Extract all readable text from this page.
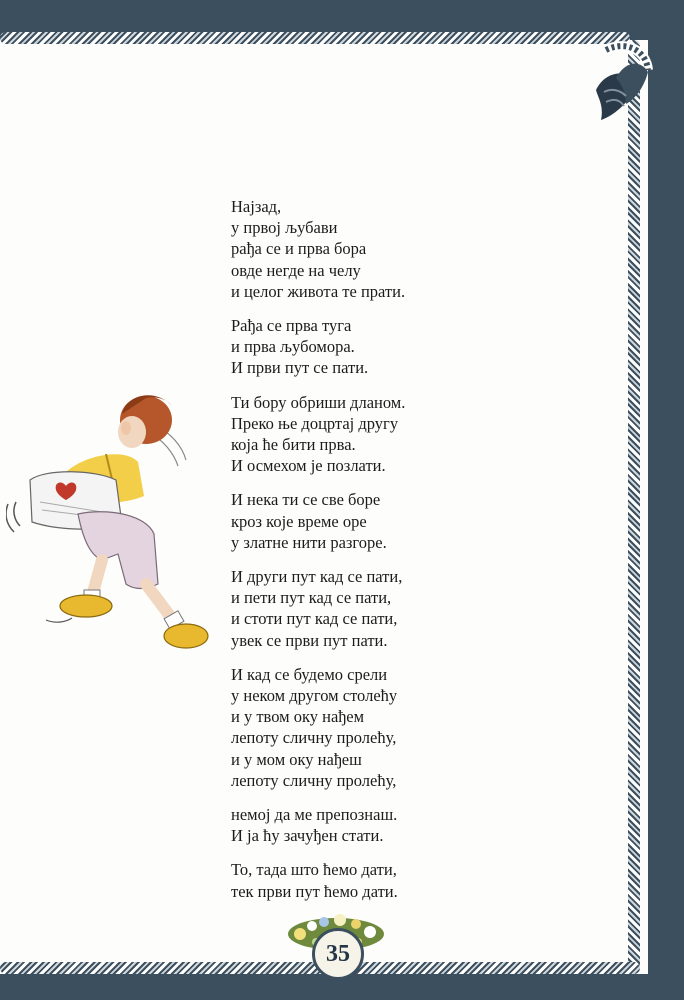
Најзад,
у првој љубави
рађа се и прва бора
овде негде на челу
и целог живота те прати.
Рађа се прва туга
и прва љубомора.
И први пут се пати.
Ти бору обриши дланом.
Преко ње доцртај другу
која ће бити прва.
И осмехом је позлати.
И нека ти се све боре
кроз које време оре
у златне нити разгоре.
И други пут кад се пати,
и пети пут кад се пати,
и стоти пут кад се пати,
увек се први пут пати.
И кад се будемо срели
у неком другом столећу
и у твом оку нађем
лепоту сличну пролећу,
и у мом оку нађеш
лепоту сличну пролећу,
немој да ме препознаш.
И ја ћу зачуђен стати.
То, тада што ћемо дати,
тек први пут ћемо дати.
35
